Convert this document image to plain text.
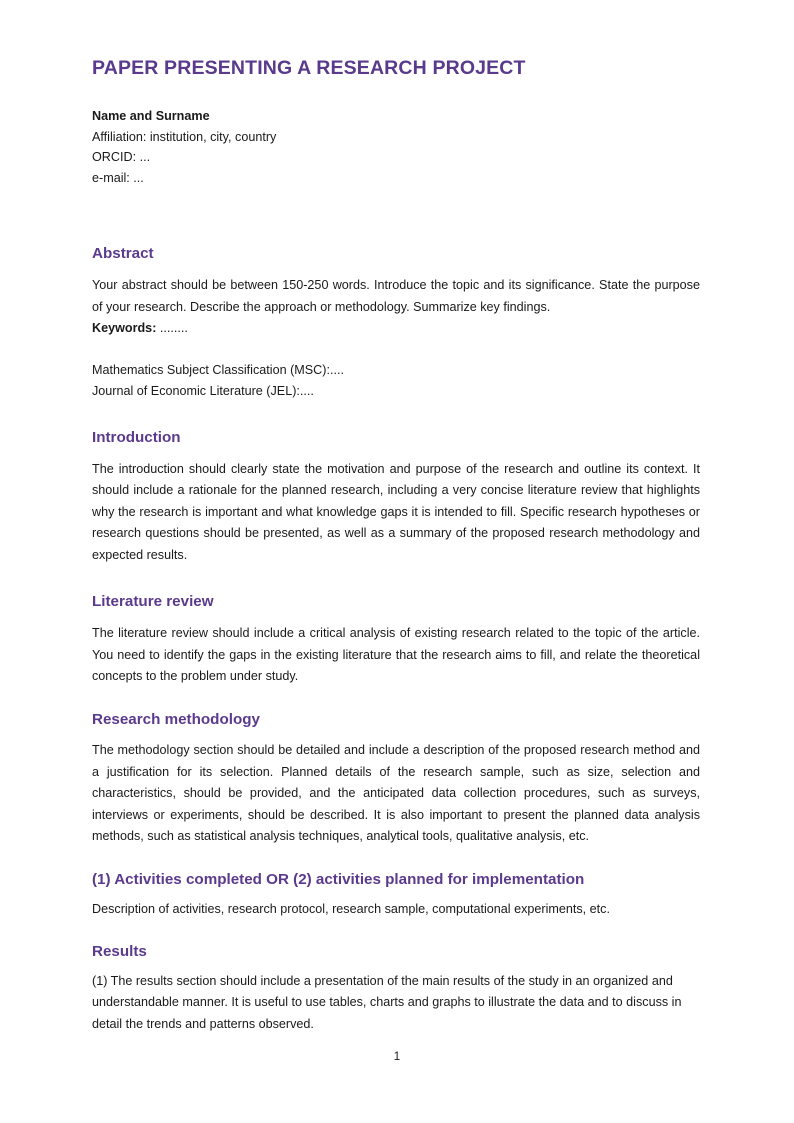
PAPER PRESENTING A RESEARCH PROJECT

Name and Surname

Affiliation: institution, city, country

ORCID: ...

e-mail: ...

Abstract

Your abstract should be between 150-250 words. Introduce the topic and its significance. State the purpose of your research. Describe the approach or methodology. Summarize key findings.

Keywords: ........

Mathematics Subject Classification (MSC):....

Journal of Economic Literature (JEL):....

Introduction

The introduction should clearly state the motivation and purpose of the research and outline its context. It should include a rationale for the planned research, including a very concise literature review that highlights why the research is important and what knowledge gaps it is intended to fill. Specific research hypotheses or research questions should be presented, as well as a summary of the proposed research methodology and expected results.

Literature review

The literature review should include a critical analysis of existing research related to the topic of the article. You need to identify the gaps in the existing literature that the research aims to fill, and relate the theoretical concepts to the problem under study.

Research methodology

The methodology section should be detailed and include a description of the proposed research method and a justification for its selection. Planned details of the research sample, such as size, selection and characteristics, should be provided, and the anticipated data collection procedures, such as surveys, interviews or experiments, should be described. It is also important to present the planned data analysis methods, such as statistical analysis techniques, analytical tools, qualitative analysis, etc.

(1) Activities completed OR (2) activities planned for implementation

Description of activities, research protocol, research sample, computational experiments, etc.

Results

(1) The results section should include a presentation of the main results of the study in an organized and understandable manner. It is useful to use tables, charts and graphs to illustrate the data and to discuss in detail the trends and patterns observed.

1
